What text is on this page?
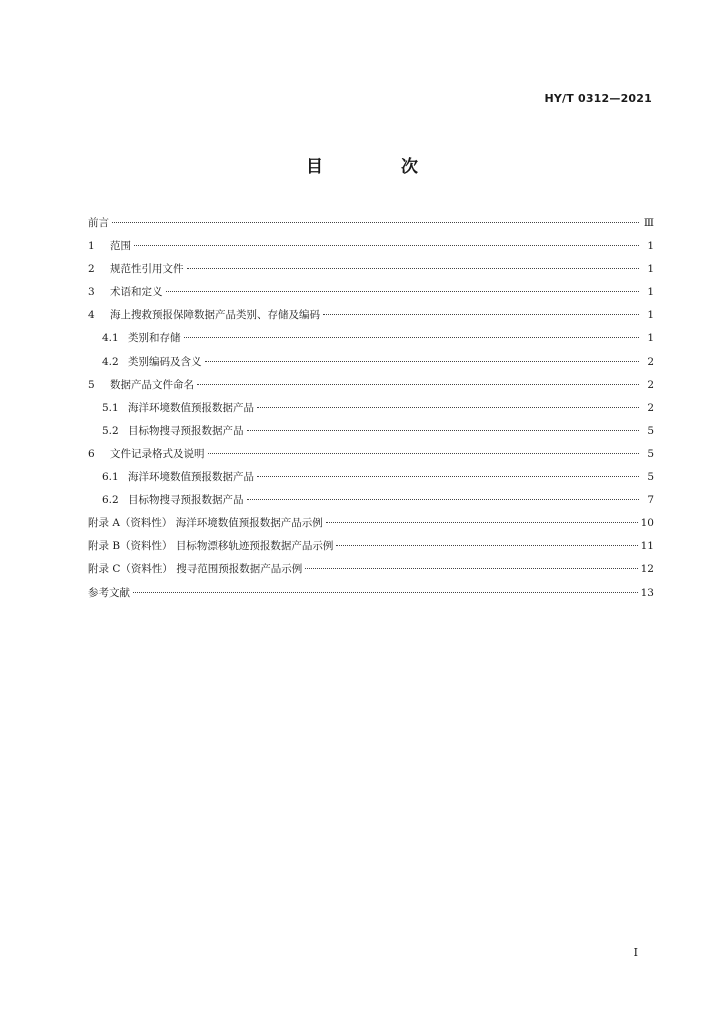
HY/T 0312—2021
目 次
前言	Ⅲ
1	范围	1
2	规范性引用文件	1
3	术语和定义	1
4	海上搜救预报保障数据产品类别、存储及编码	1
4.1 类别和存储	1
4.2 类别编码及含义	2
5	数据产品文件命名	2
5.1 海洋环境数值预报数据产品	2
5.2 目标物搜寻预报数据产品	5
6	文件记录格式及说明	5
6.1 海洋环境数值预报数据产品	5
6.2 目标物搜寻预报数据产品	7
附录 A（资料性） 海洋环境数值预报数据产品示例	10
附录 B（资料性） 目标物漂移轨迹预报数据产品示例	11
附录 C（资料性） 搜寻范围预报数据产品示例	12
参考文献	13
I
